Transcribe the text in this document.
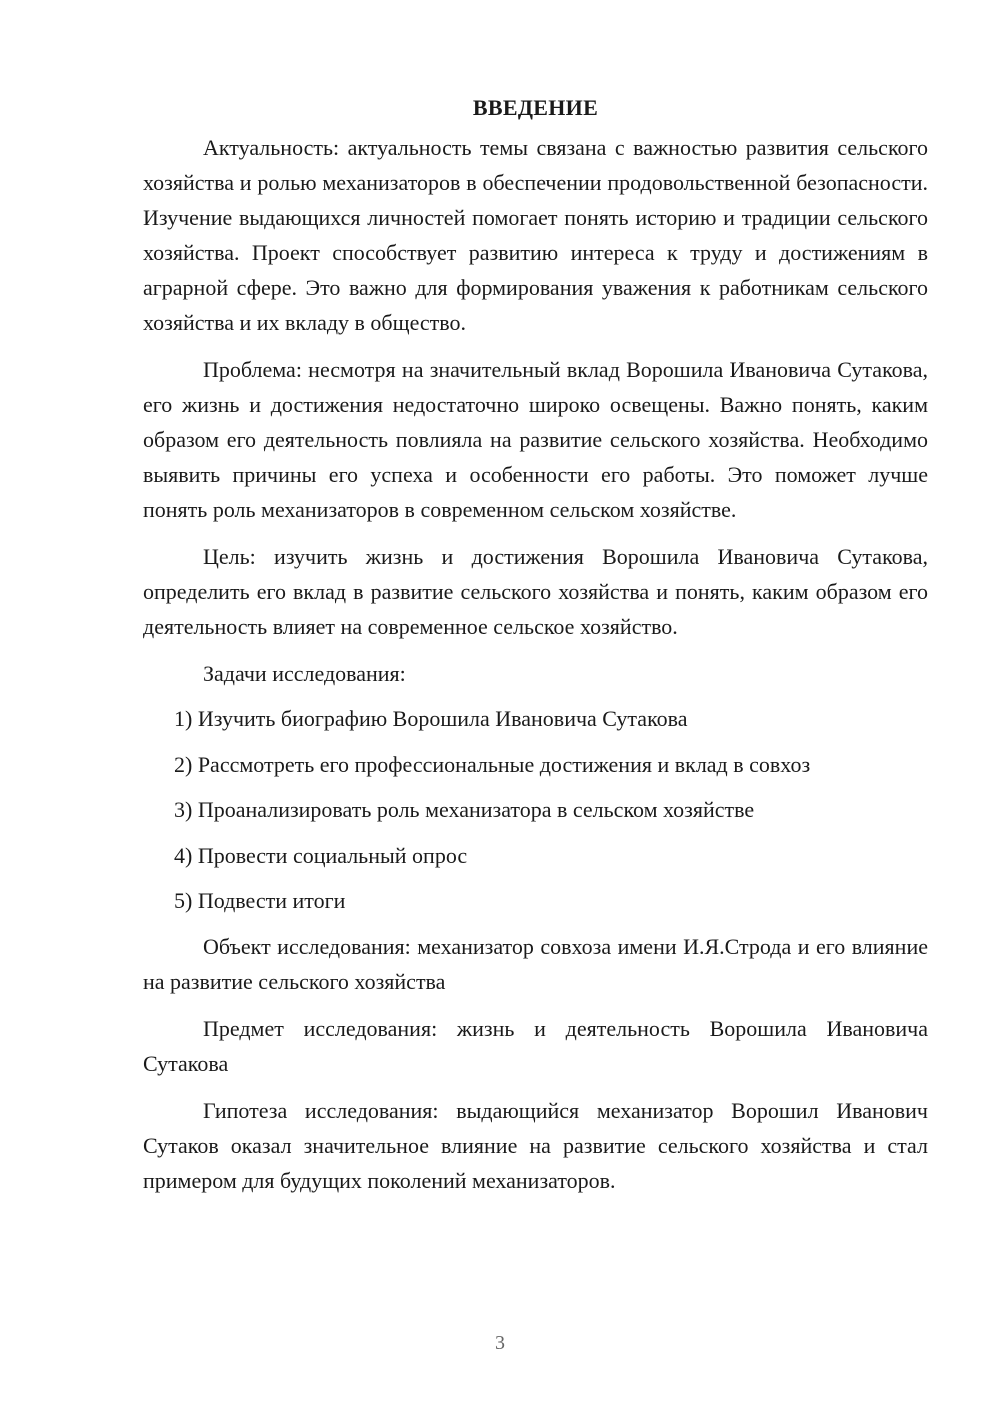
ВВЕДЕНИЕ

Актуальность: актуальность темы связана с важностью развития сельского хозяйства и ролью механизаторов в обеспечении продовольственной безопасности. Изучение выдающихся личностей помогает понять историю и традиции сельского хозяйства. Проект способствует развитию интереса к труду и достижениям в аграрной сфере. Это важно для формирования уважения к работникам сельского хозяйства и их вкладу в общество.

Проблема: несмотря на значительный вклад Ворошила Ивановича Сутакова, его жизнь и достижения недостаточно широко освещены. Важно понять, каким образом его деятельность повлияла на развитие сельского хозяйства. Необходимо выявить причины его успеха и особенности его работы. Это поможет лучше понять роль механизаторов в современном сельском хозяйстве.

Цель: изучить жизнь и достижения Ворошила Ивановича Сутакова, определить его вклад в развитие сельского хозяйства и понять, каким образом его деятельность влияет на современное сельское хозяйство.

Задачи исследования:

1) Изучить биографию Ворошила Ивановича Сутакова
2) Рассмотреть его профессиональные достижения и вклад в совхоз
3) Проанализировать роль механизатора в сельском хозяйстве
4) Провести социальный опрос
5) Подвести итоги

Объект исследования: механизатор совхоза имени И.Я.Строда и его влияние на развитие сельского хозяйства

Предмет исследования: жизнь и деятельность Ворошила Ивановича Сутакова

Гипотеза исследования: выдающийся механизатор Ворошил Иванович Сутаков оказал значительное влияние на развитие сельского хозяйства и стал примером для будущих поколений механизаторов.

3
